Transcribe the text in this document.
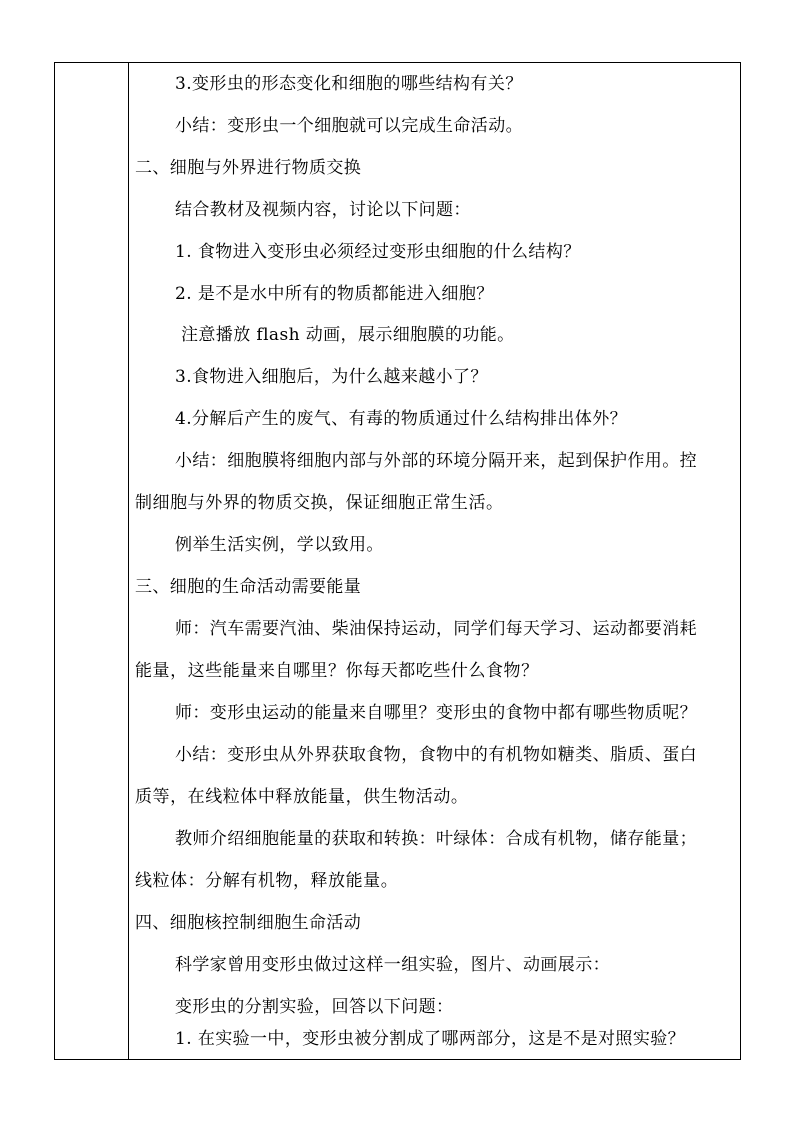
3.变形虫的形态变化和细胞的哪些结构有关？
小结：变形虫一个细胞就可以完成生命活动。
二、细胞与外界进行物质交换
结合教材及视频内容，讨论以下问题：
1. 食物进入变形虫必须经过变形虫细胞的什么结构？
2. 是不是水中所有的物质都能进入细胞？
注意播放 flash 动画，展示细胞膜的功能。
3.食物进入细胞后，为什么越来越小了？
4.分解后产生的废气、有毒的物质通过什么结构排出体外？
小结：细胞膜将细胞内部与外部的环境分隔开来，起到保护作用。控
制细胞与外界的物质交换，保证细胞正常生活。
例举生活实例，学以致用。
三、细胞的生命活动需要能量
师：汽车需要汽油、柴油保持运动，同学们每天学习、运动都要消耗
能量，这些能量来自哪里？你每天都吃些什么食物？
师：变形虫运动的能量来自哪里？变形虫的食物中都有哪些物质呢？
小结：变形虫从外界获取食物，食物中的有机物如糖类、脂质、蛋白
质等，在线粒体中释放能量，供生物活动。
教师介绍细胞能量的获取和转换：叶绿体：合成有机物，储存能量；
线粒体：分解有机物，释放能量。
四、细胞核控制细胞生命活动
科学家曾用变形虫做过这样一组实验，图片、动画展示：
变形虫的分割实验，回答以下问题：
1. 在实验一中，变形虫被分割成了哪两部分，这是不是对照实验？
